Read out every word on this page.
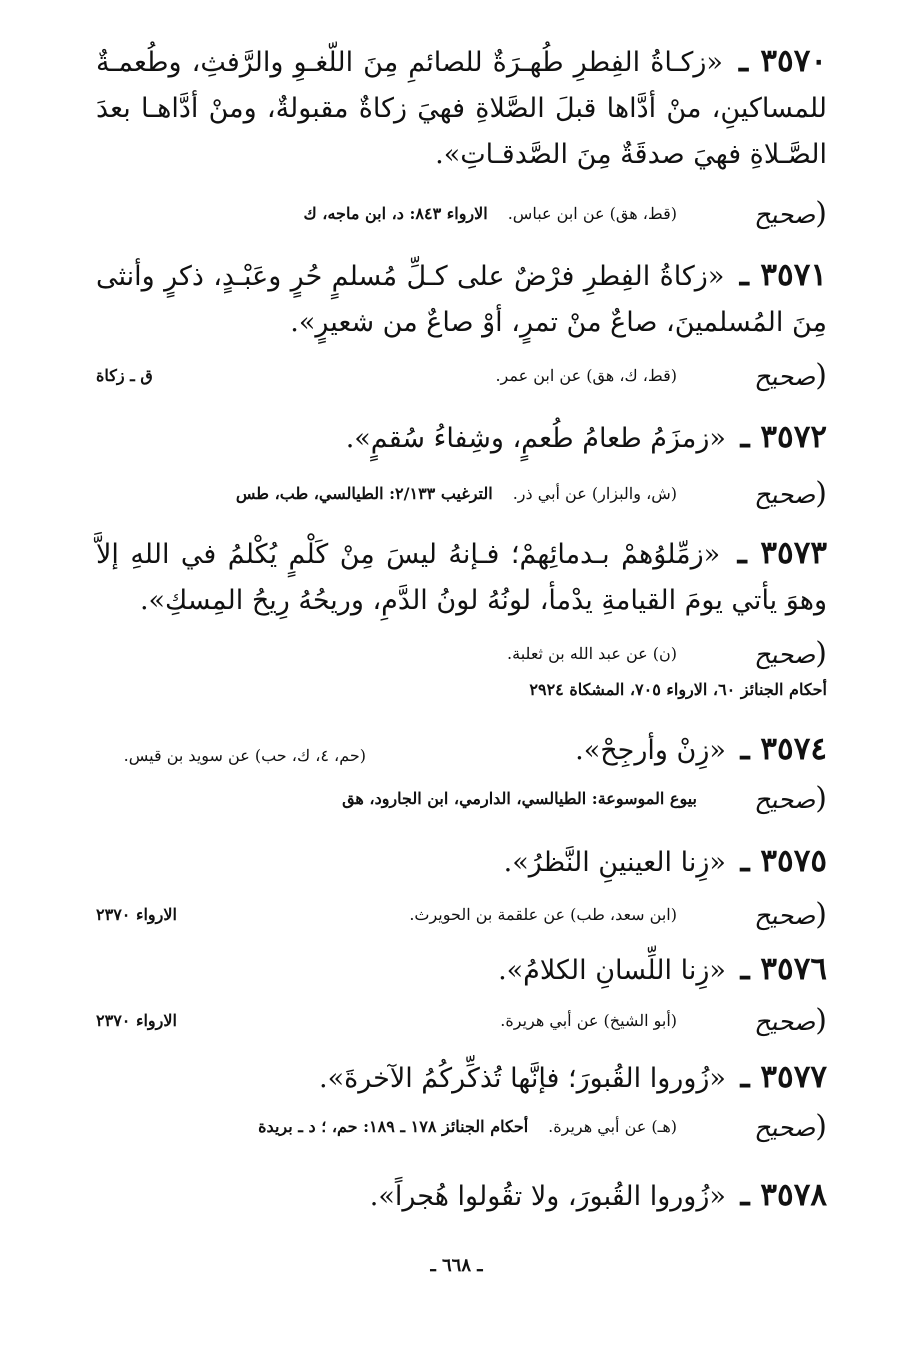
٣٥٧٠ ـ «زكـاةُ الفِطرِ طُهـرَةٌ للصائمِ مِنَ اللّغـوِ والرَّفثِ، وطُعمـةٌ للمساكينِ، منْ أدَّاها قبلَ الصَّلاةِ فهيَ زكاةٌ مقبولةٌ، ومنْ أدَّاهـا بعدَ الصَّـلاةِ فهيَ صدقَةٌ مِنَ الصَّدقـاتِ».
( صحيح
(قط، هق) عن ابن عباس.
الارواء ٨٤٣: د، ابن ماجه، ك
٣٥٧١ ـ «زكاةُ الفِطرِ فرْضٌ على كـلِّ مُسلمٍ حُرٍ وعَبْـدٍ، ذكرٍ وأنثى مِنَ المُسلمينَ، صاعٌ منْ تمرٍ، أوْ صاعٌ من شعيرٍ».
( صحيح
(قط، ك، هق) عن ابن عمر.
ق ـ زكاة
٣٥٧٢ ـ «زمزَمُ طعامُ طُعمٍ، وشِفاءُ سُقمٍ».
( صحيح
(ش، والبزار) عن أبي ذر.
الترغيب ٢/١٣٣: الطيالسي، طب، طس
٣٥٧٣ ـ «زمِّلوُهمْ بـدمائِهمْ؛ فـإنهُ ليسَ مِنْ كَلْمٍ يُكْلمُ في اللهِ إلاَّ وهوَ يأتي يومَ القيامةِ يدْمأ، لونُهُ لونُ الدَّمِ، وريحُهُ رِيحُ المِسكِ».
( صحيح
(ن) عن عبد الله بن ثعلبة.
أحكام الجنائز ٦٠، الارواء ٧٠٥، المشكاة ٢٩٢٤
٣٥٧٤ ـ «زِنْ وأرجِحْ».
(حم، ٤، ك، حب) عن سويد بن قيس.
( صحيح
بيوع الموسوعة: الطيالسي، الدارمي، ابن الجارود، هق
٣٥٧٥ ـ «زِنا العينينِ النَّظرُ».
( صحيح
(ابن سعد، طب) عن علقمة بن الحويرث.
الارواء ٢٣٧٠
٣٥٧٦ ـ «زِنا اللِّسانِ الكلامُ».
( صحيح
(أبو الشيخ) عن أبي هريرة.
الارواء ٢٣٧٠
٣٥٧٧ ـ «زُوروا القُبورَ؛ فإنَّها تُذكِّركُمُ الآخرةَ».
( صحيح
(هـ) عن أبي هريرة.
أحكام الجنائز ١٧٨ ـ ١٨٩: حم، ؛ د ـ بريدة
٣٥٧٨ ـ «زُوروا القُبورَ، ولا تقُولوا هُجراً».
ـ ٦٦٨ ـ
